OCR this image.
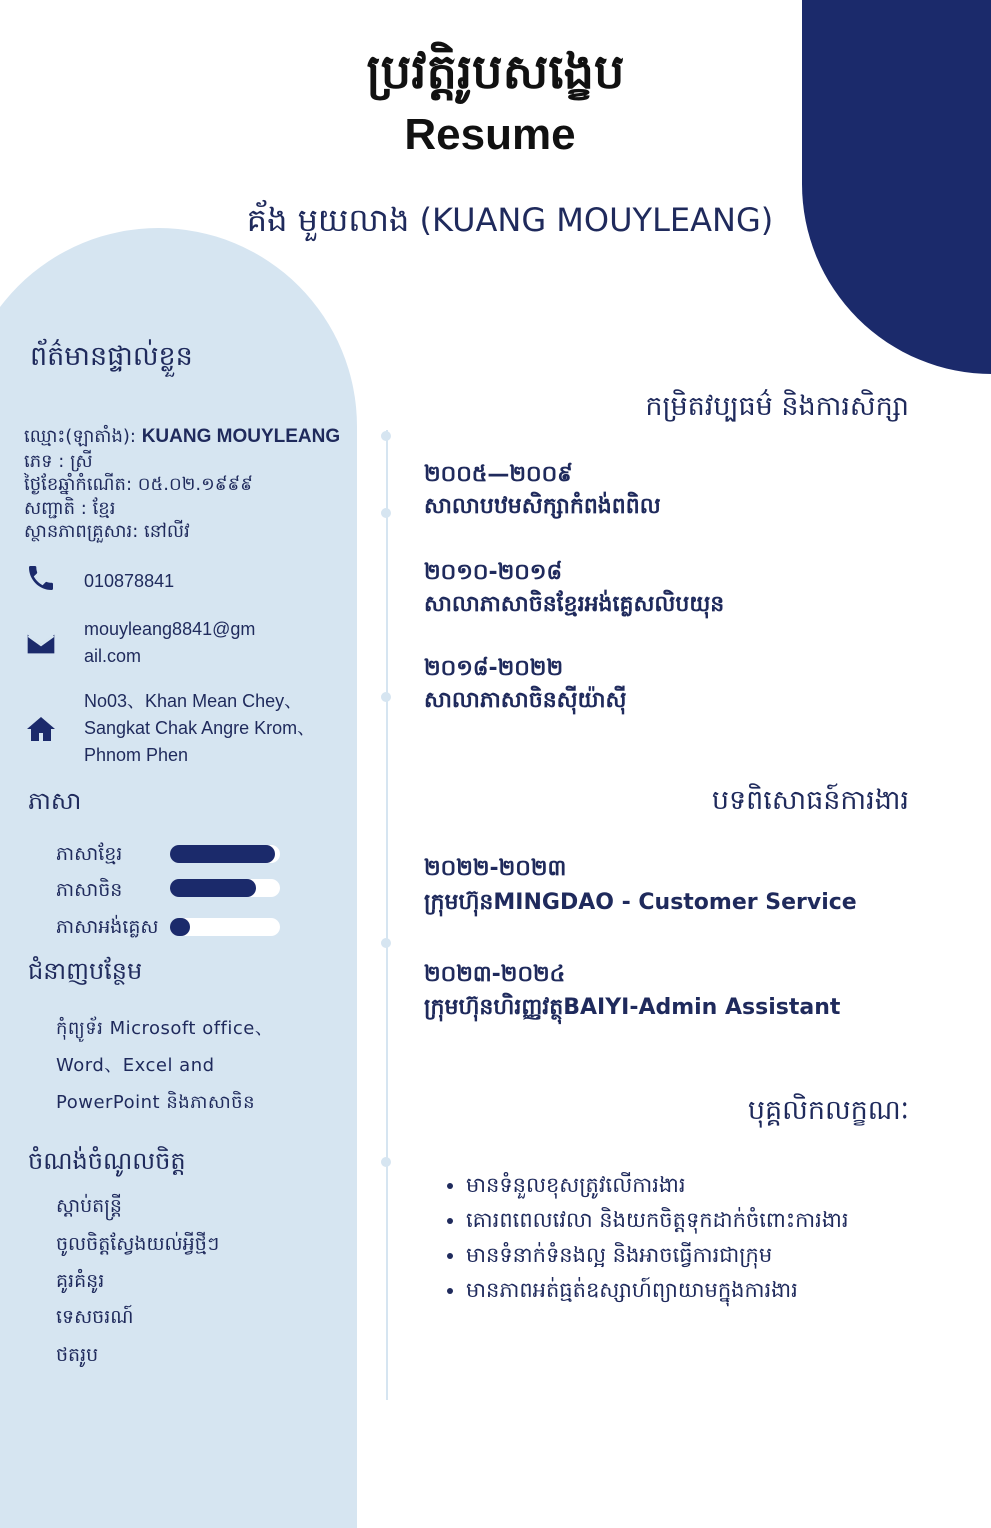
ប្រវត្តិរូបសង្ខេប
Resume
គ័ង មួយលាង (KUANG MOUYLEANG)
ព័ត៌មានផ្ទាល់ខ្លួន
ឈ្មោះ(ឡាតាំង): KUANG MOUYLEANG
ភេទ : ស្រី
ថ្ងៃខែឆ្នាំកំណើត: ០៥.០២.១៩៩៩
សញ្ជាតិ : ខ្មែរ
ស្ថានភាពគ្រួសារ: នៅលីវ
010878841
mouyleang8841@gm
ail.com
No03、Khan Mean Chey、
Sangkat Chak Angre Krom、
Phnom Phen
ភាសា
ភាសាខ្មែរ
ភាសាចិន
ភាសាអង់គ្លេស
ជំនាញបន្ថែម
កុំព្យូទ័រ Microsoft office、Word、Excel and PowerPoint និងភាសាចិន
ចំណង់ចំណូលចិត្ត
ស្តាប់តន្ត្រី
ចូលចិត្តស្វែងយល់អ្វីថ្មីៗ
គូរគំនូរ
ទេសចរណ៍
ថតរូប
កម្រិតវប្បធម៌ និងការសិក្សា
២០០៥—២០០៩
សាលាបឋមសិក្សាកំពង់ពពិល
២០១០-២០១៨
សាលាភាសាចិនខ្មែរអង់គ្លេសលិបយុន
២០១៨-២០២២
សាលាភាសាចិនស៊ីយ៉ាស៊ី
បទពិសោធន៍ការងារ
២០២២-២០២៣
ក្រុមហ៊ុនMINGDAO - Customer Service
២០២៣-២០២៤
ក្រុមហ៊ុនហិរញ្ញវត្ថុBAIYI-Admin Assistant
បុគ្គលិកលក្ខណៈ
• មានទំនួលខុសត្រូវលើការងារ
• គោរពពេលវេលា និងយកចិត្តទុកដាក់ចំពោះការងារ
• មានទំនាក់ទំនងល្អ និងអាចធ្វើការជាក្រុម
• មានភាពអត់ធ្មត់ឧស្សាហ៍ព្យាយាមក្នុងការងារ
